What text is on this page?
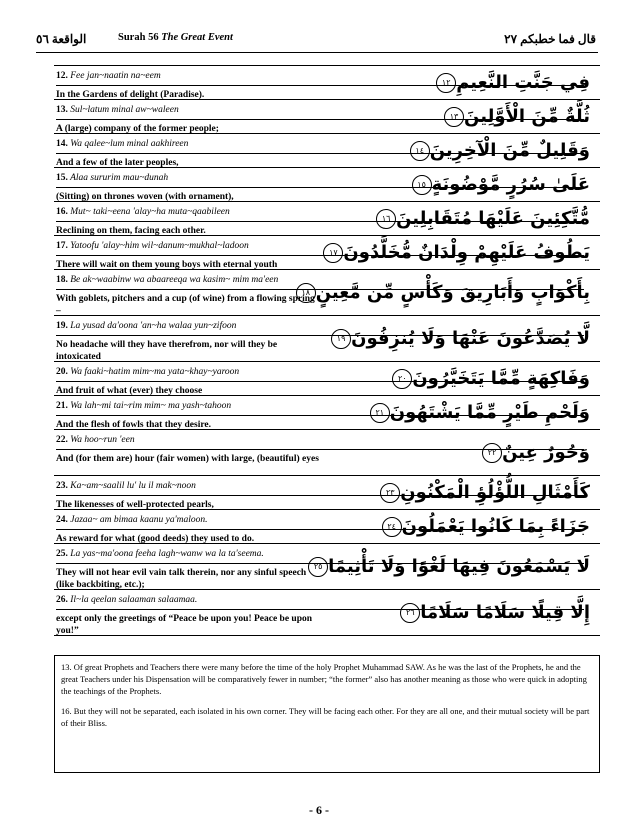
الواقعة ٥٦	Surah 56 The Great Event	قال فما خطبكم ٢٧
12. Fee jan~naatin na~eem
In the Gardens of delight (Paradise).
فِي جَنَّتِ النَّعِيمِ
١٢
13. Sul~latum minal aw~waleen
A (large) company of the former people;
ثُلَّةٌ مِّنَ الْأَوَّلِينَ
١٣
14. Wa qalee~lum minal aakhireen
And a few of the later peoples,
وَقَلِيلٌ مِّنَ الْآخِرِينَ
١٤
15. Alaa sururim mau~dunah
(Sitting) on thrones woven (with ornament),
عَلَىٰ سُرُرٍ مَّوْضُونَةٍ
١٥
16. Mut~ taki~eena 'alay~ha muta~qaabileen
Reclining on them, facing each other.
مُّتَّكِئِينَ عَلَيْهَا مُتَقَابِلِينَ
١٦
17. Yatoofu 'alay~him wil~danum~mukhal~ladoon
There will wait on them young boys with eternal youth
يَطُوفُ عَلَيْهِمْ وِلْدَانٌ مُّخَلَّدُونَ
١٧
18. Be ak~waabinw wa abaareeqa wa kasim~ mim ma'een
With goblets, pitchers and a cup (of wine) from a flowing spring –
بِأَكْوَابٍ وَأَبَارِيقَ وَكَأْسٍ مِّن مَّعِينٍ
١٨
19. La yusad da'oona 'an~ha walaa yun~zifoon
No headache will they have therefrom, nor will they be intoxicated
لَّا يُصَدَّعُونَ عَنْهَا وَلَا يُنزِفُونَ
١٩
20. Wa faaki~hatim mim~ma yata~khay~yaroon
And fruit of what (ever) they choose
وَفَاكِهَةٍ مِّمَّا يَتَخَيَّرُونَ
٢٠
21. Wa lah~mi tai~rim mim~ ma yash~tahoon
And the flesh of fowls that they desire.
وَلَحْمِ طَيْرٍ مِّمَّا يَشْتَهُونَ
٢١
22. Wa hoo~run 'een
And (for them are) hour (fair women) with large, (beautiful) eyes	وَحُورٌ عِينٌ
٢٢
23. Ka~am~saalil lu' lu il mak~noon
The likenesses of well-protected pearls,
كَأَمْثَالِ اللُّؤْلُؤِ الْمَكْنُونِ
٢٣
24. Jazaa~ am bimaa kaanu ya'maloon.
As reward for what (good deeds) they used to do.
جَزَاءً بِمَا كَانُوا يَعْمَلُونَ
٢٤
25. La yas~ma'oona feeha lagh~wanw wa la ta'seema.
They will not hear evil vain talk therein, nor any sinful speech (like backbiting, etc.);
لَا يَسْمَعُونَ فِيهَا لَغْوًا وَلَا تَأْثِيمًا
٢٥
26. Il~la qeelan salaaman salaamaa.
except only the greetings of “Peace be upon you! Peace be upon you!”
إِلَّا قِيلًا سَلَامًا سَلَامًا
٢٦

13. Of great Prophets and Teachers there were many before the time of the holy Prophet Muhammad SAW. As he was the last of the Prophets, he and the great Teachers under his Dispensation will be comparatively fewer in number; “the former” also has another meaning as those who were quick in adopting the teachings of the Prophets.

16. But they will not be separated, each isolated in his own corner. They will be facing each other. For they are all one, and their mutual society will be part of their Bliss.

- 6 -
